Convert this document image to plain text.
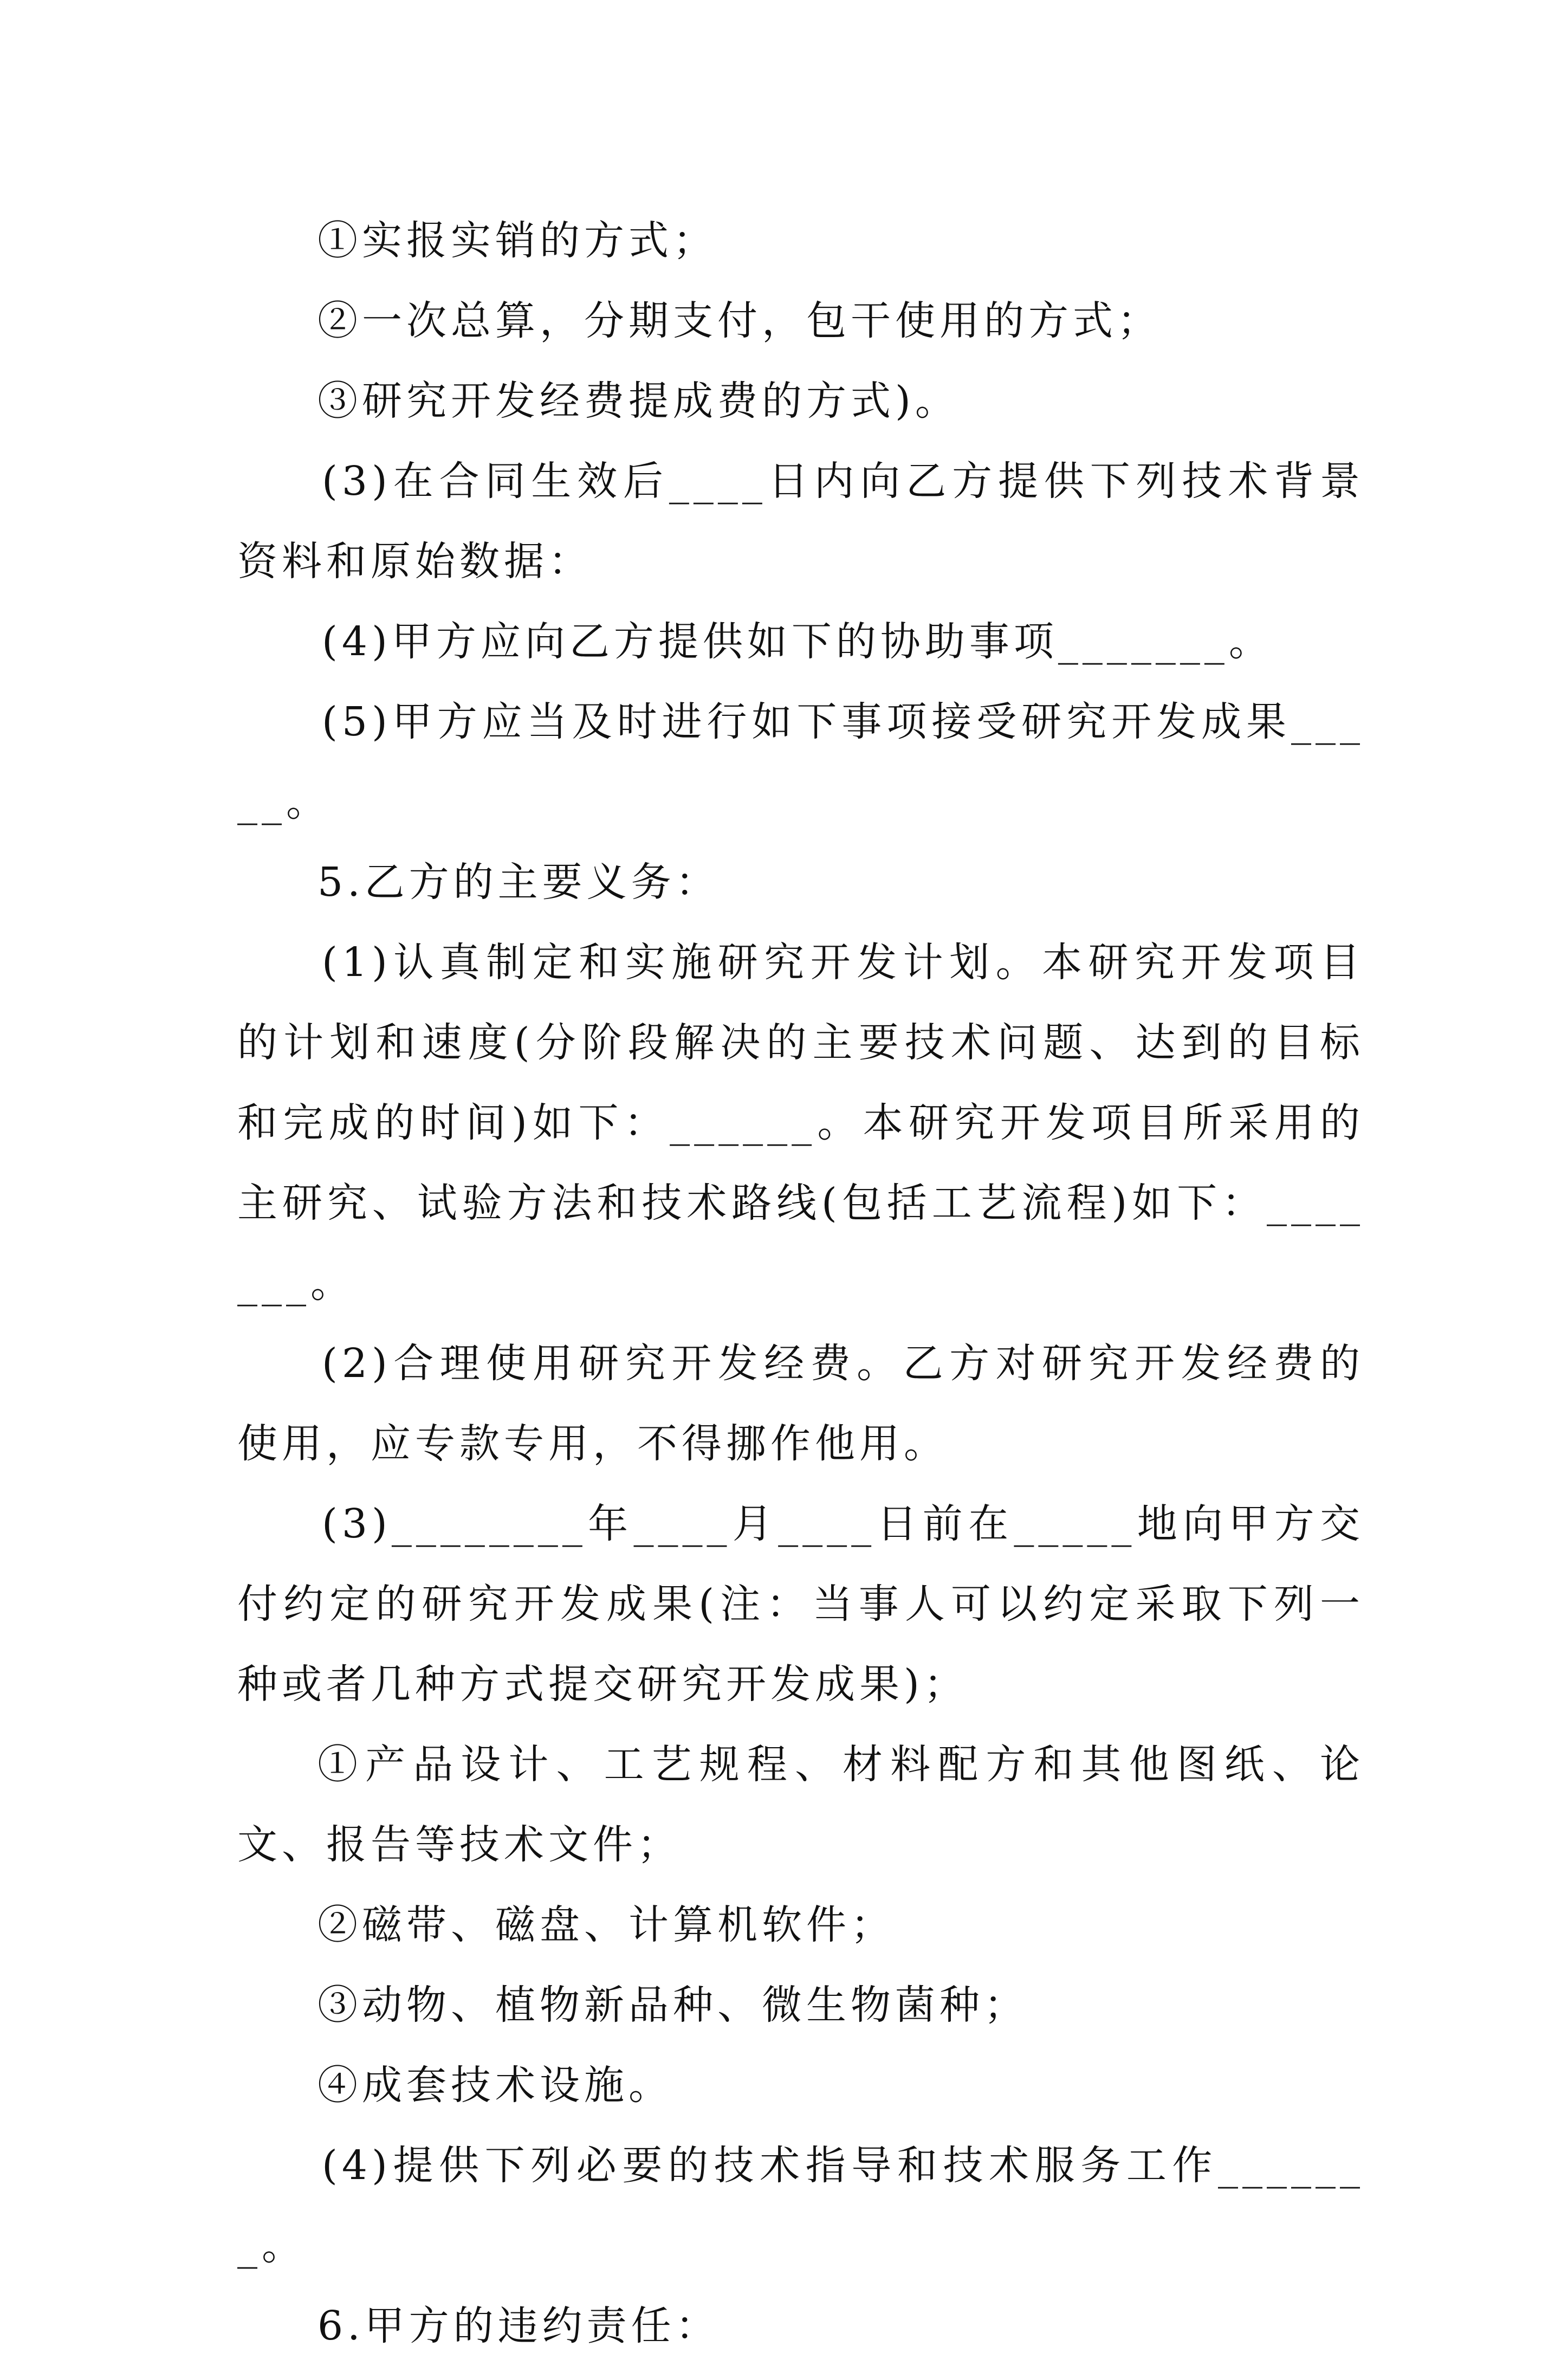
①实报实销的方式；

②一次总算，分期支付，包干使用的方式；

③研究开发经费提成费的方式)。

(3)在合同生效后____日内向乙方提供下列技术背景资料和原始数据：

(4)甲方应向乙方提供如下的协助事项_______。

(5)甲方应当及时进行如下事项接受研究开发成果_____。

5.乙方的主要义务：

(1)认真制定和实施研究开发计划。本研究开发项目的计划和速度(分阶段解决的主要技术问题、达到的目标和完成的时间)如下：______。本研究开发项目所采用的主研究、试验方法和技术路线(包括工艺流程)如下：_______。

(2)合理使用研究开发经费。乙方对研究开发经费的使用，应专款专用，不得挪作他用。

(3)________年____月____日前在_____地向甲方交付约定的研究开发成果(注：当事人可以约定采取下列一种或者几种方式提交研究开发成果)；

①产品设计、工艺规程、材料配方和其他图纸、论文、报告等技术文件；

②磁带、磁盘、计算机软件；

③动物、植物新品种、微生物菌种；

④成套技术设施。

(4)提供下列必要的技术指导和技术服务工作_______。

6.甲方的违约责任：
